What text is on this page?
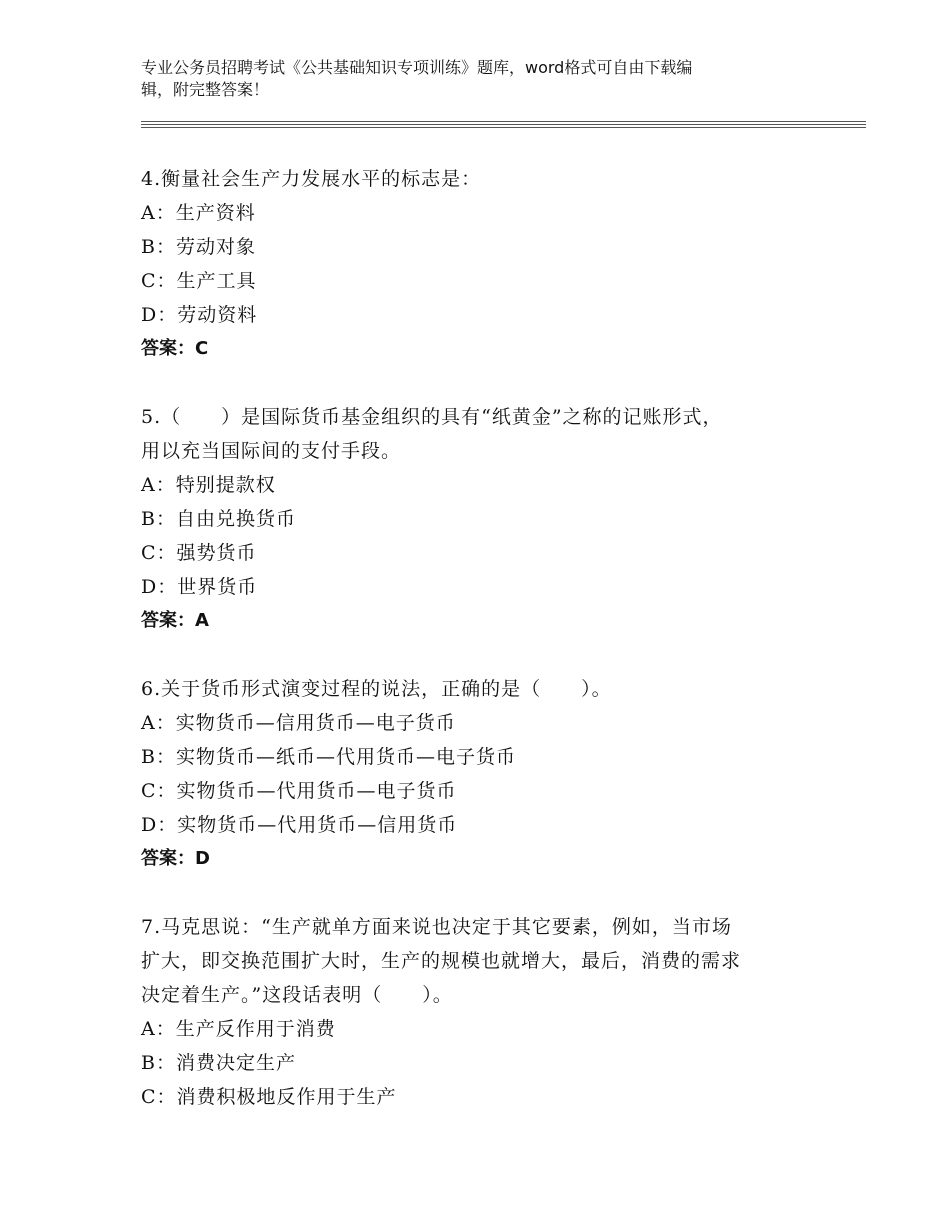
专业公务员招聘考试《公共基础知识专项训练》题库，word格式可自由下载编
辑，附完整答案！
4.衡量社会生产力发展水平的标志是：
A：生产资料
B：劳动对象
C：生产工具
D：劳动资料
答案：C
5.（　　）是国际货币基金组织的具有“纸黄金”之称的记账形式，
用以充当国际间的支付手段。
A：特别提款权
B：自由兑换货币
C：强势货币
D：世界货币
答案：A
6.关于货币形式演变过程的说法，正确的是（　　）。
A：实物货币—信用货币—电子货币
B：实物货币—纸币—代用货币—电子货币
C：实物货币—代用货币—电子货币
D：实物货币—代用货币—信用货币
答案：D
7.马克思说：“生产就单方面来说也决定于其它要素，例如，当市场
扩大，即交换范围扩大时，生产的规模也就增大，最后，消费的需求
决定着生产。”这段话表明（　　）。
A：生产反作用于消费
B：消费决定生产
C：消费积极地反作用于生产
